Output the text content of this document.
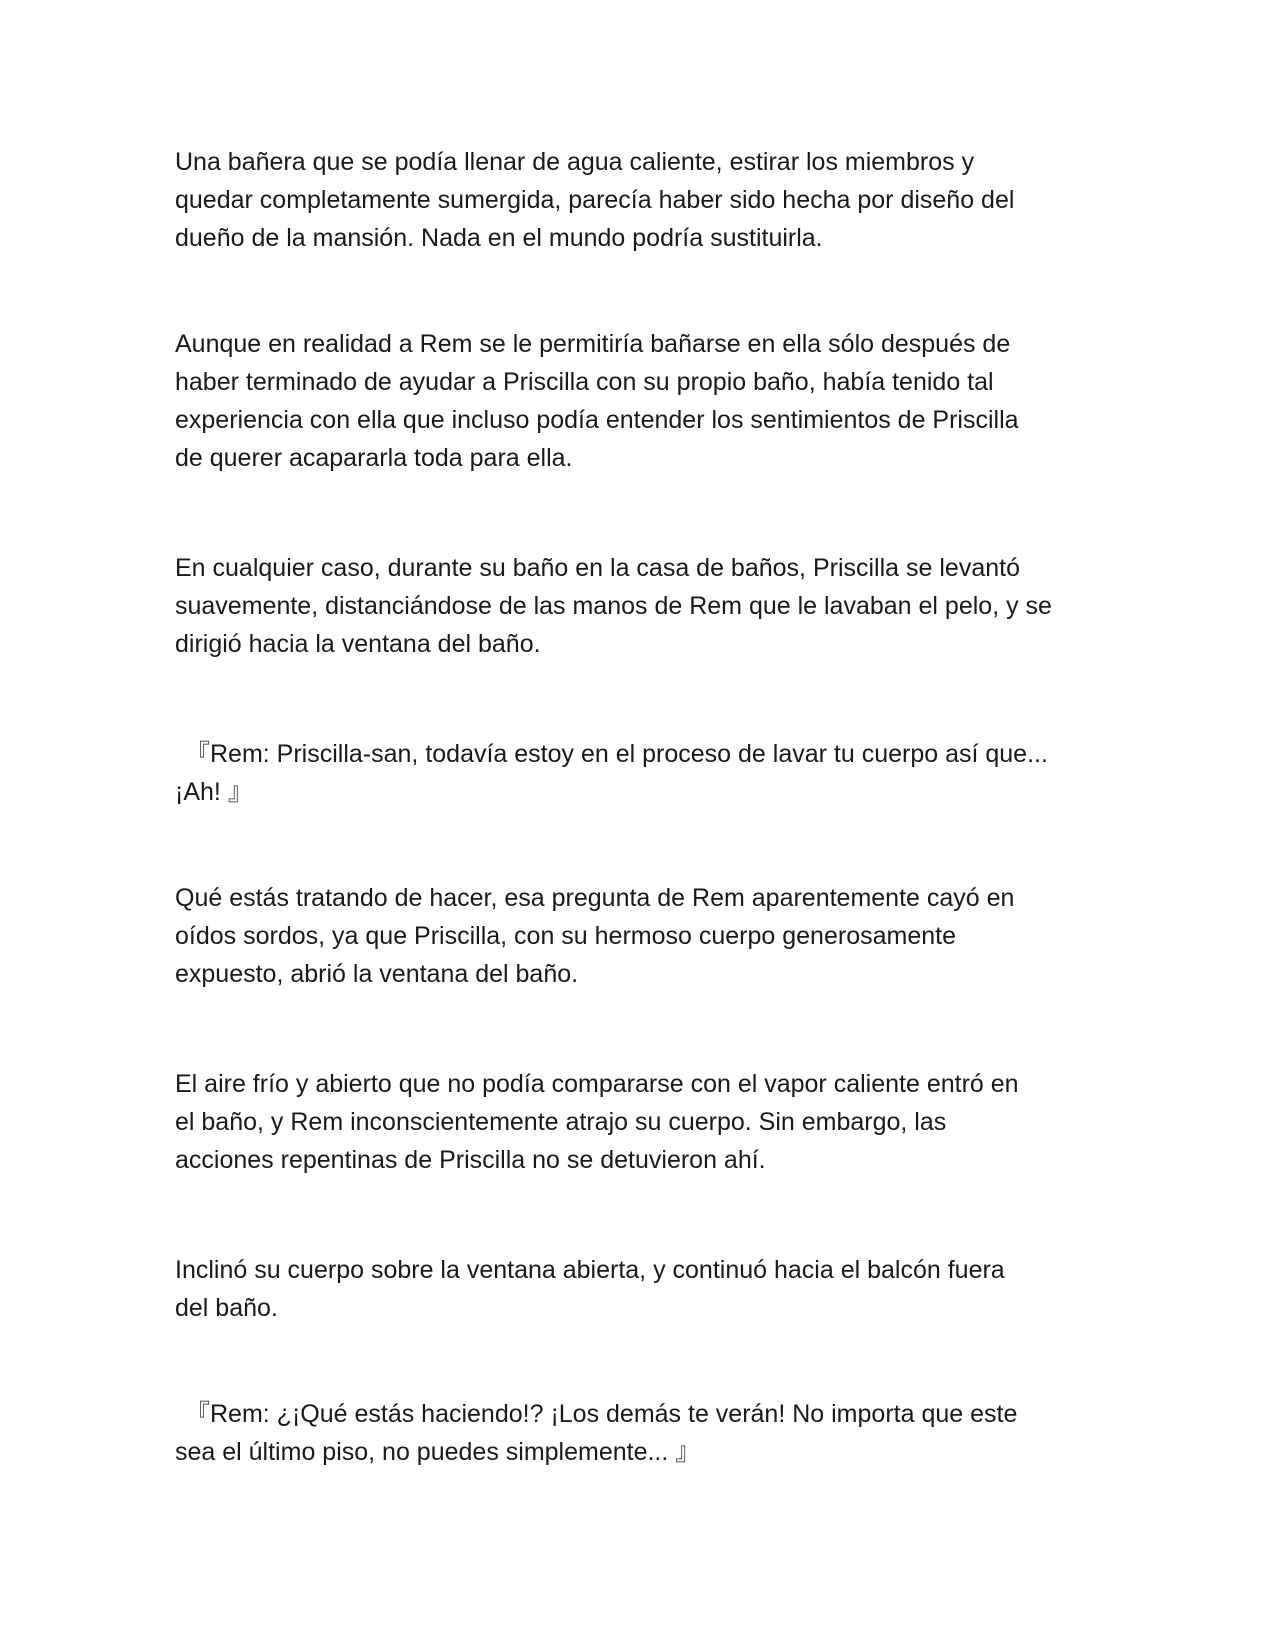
Una bañera que se podía llenar de agua caliente, estirar los miembros y
quedar completamente sumergida, parecía haber sido hecha por diseño del
dueño de la mansión. Nada en el mundo podría sustituirla.

Aunque en realidad a Rem se le permitiría bañarse en ella sólo después de
haber terminado de ayudar a Priscilla con su propio baño, había tenido tal
experiencia con ella que incluso podía entender los sentimientos de Priscilla
de querer acapararla toda para ella.

En cualquier caso, durante su baño en la casa de baños, Priscilla se levantó
suavemente, distanciándose de las manos de Rem que le lavaban el pelo, y se
dirigió hacia la ventana del baño.

『Rem: Priscilla-san, todavía estoy en el proceso de lavar tu cuerpo así que...
¡Ah! 』

Qué estás tratando de hacer, esa pregunta de Rem aparentemente cayó en
oídos sordos, ya que Priscilla, con su hermoso cuerpo generosamente
expuesto, abrió la ventana del baño.

El aire frío y abierto que no podía compararse con el vapor caliente entró en
el baño, y Rem inconscientemente atrajo su cuerpo. Sin embargo, las
acciones repentinas de Priscilla no se detuvieron ahí.

Inclinó su cuerpo sobre la ventana abierta, y continuó hacia el balcón fuera
del baño.

『Rem: ¿¡Qué estás haciendo!? ¡Los demás te verán! No importa que este
sea el último piso, no puedes simplemente... 』
